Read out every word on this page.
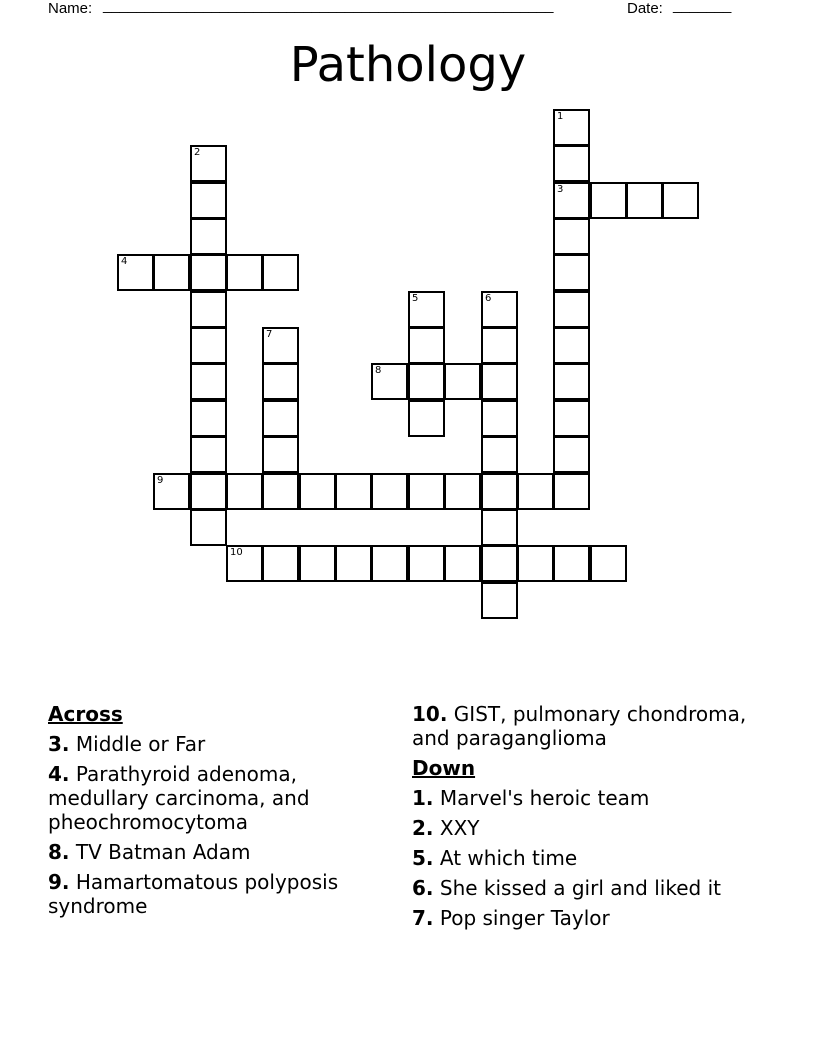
Name: ______________________________________________________	Date: _______
Pathology
1
3
2
4
5	6
7
8
9
10
Across
3. Middle or Far
4. Parathyroid adenoma, medullary carcinoma, and pheochromocytoma
8. TV Batman Adam
9. Hamartomatous polyposis syndrome
10. GIST, pulmonary chondroma, and paraganglioma
Down
1. Marvel's heroic team
2. XXY
5. At which time
6. She kissed a girl and liked it
7. Pop singer Taylor
